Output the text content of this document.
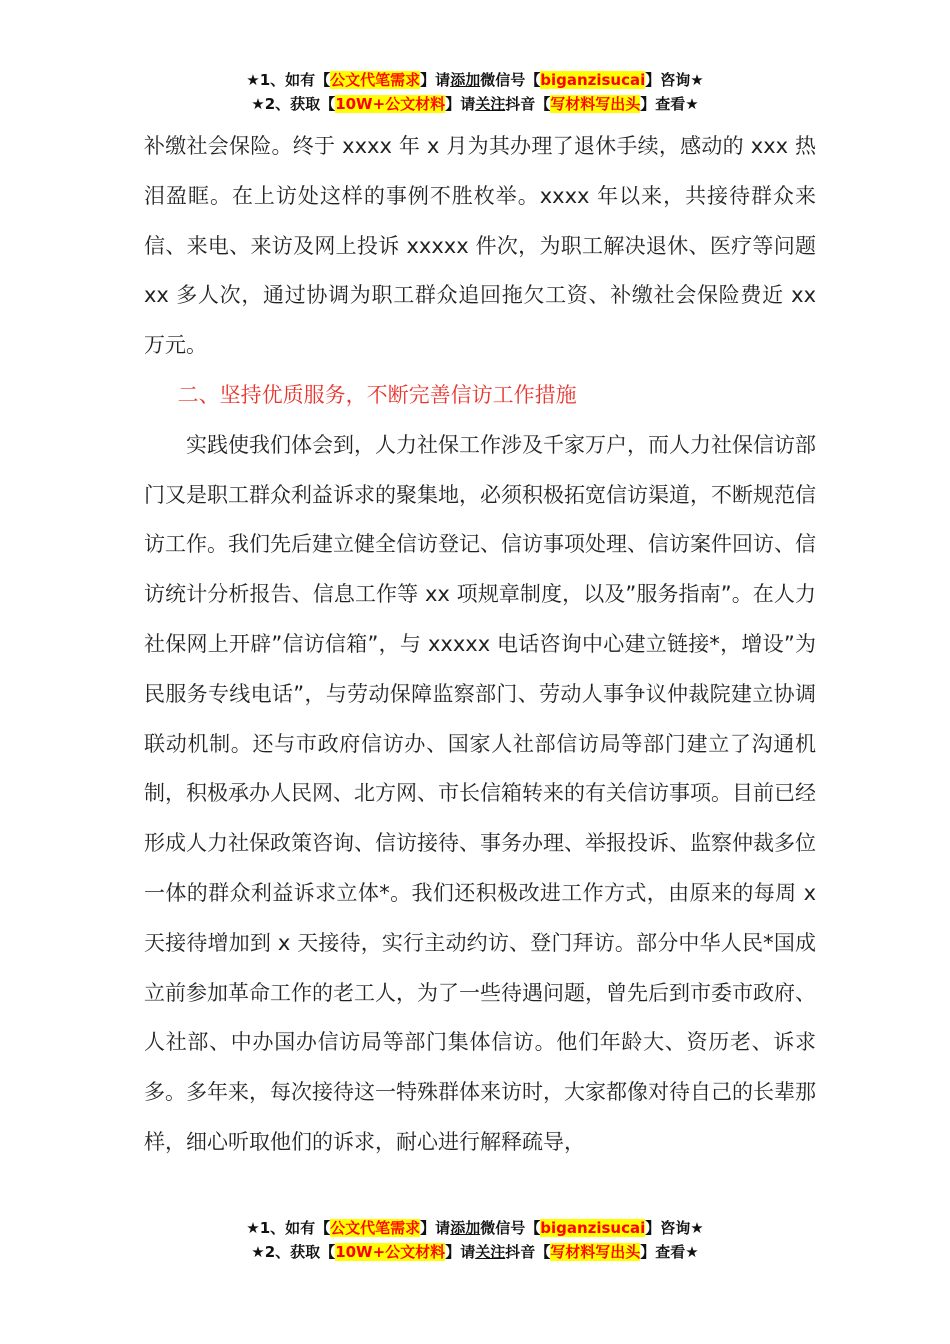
★1、如有【公文代笔需求】请添加微信号【biganzisucai】咨询★
★2、获取【10W+公文材料】请关注抖音【写材料写出头】查看★

补缴社会保险。终于 xxxx 年 x 月为其办理了退休手续，感动的 xxx 热泪盈眶。在上访处这样的事例不胜枚举。xxxx 年以来，共接待群众来信、来电、来访及网上投诉 xxxxx 件次，为职工解决退休、医疗等问题 xx 多人次，通过协调为职工群众追回拖欠工资、补缴社会保险费近 xx 万元。

二、坚持优质服务，不断完善信访工作措施

实践使我们体会到，人力社保工作涉及千家万户，而人力社保信访部门又是职工群众利益诉求的聚集地，必须积极拓宽信访渠道，不断规范信访工作。我们先后建立健全信访登记、信访事项处理、信访案件回访、信访统计分析报告、信息工作等 xx 项规章制度，以及”服务指南”。在人力社保网上开辟”信访信箱”，与 xxxxx 电话咨询中心建立链接*，增设”为民服务专线电话”，与劳动保障监察部门、劳动人事争议仲裁院建立协调联动机制。还与市政府信访办、国家人社部信访局等部门建立了沟通机制，积极承办人民网、北方网、市长信箱转来的有关信访事项。目前已经形成人力社保政策咨询、信访接待、事务办理、举报投诉、监察仲裁多位一体的群众利益诉求立体*。我们还积极改进工作方式，由原来的每周 x 天接待增加到 x 天接待，实行主动约访、登门拜访。部分中华人民*国成立前参加革命工作的老工人，为了一些待遇问题，曾先后到市委市政府、人社部、中办国办信访局等部门集体信访。他们年龄大、资历老、诉求多。多年来，每次接待这一特殊群体来访时，大家都像对待自己的长辈那样，细心听取他们的诉求，耐心进行解释疏导，

★1、如有【公文代笔需求】请添加微信号【biganzisucai】咨询★
★2、获取【10W+公文材料】请关注抖音【写材料写出头】查看★
